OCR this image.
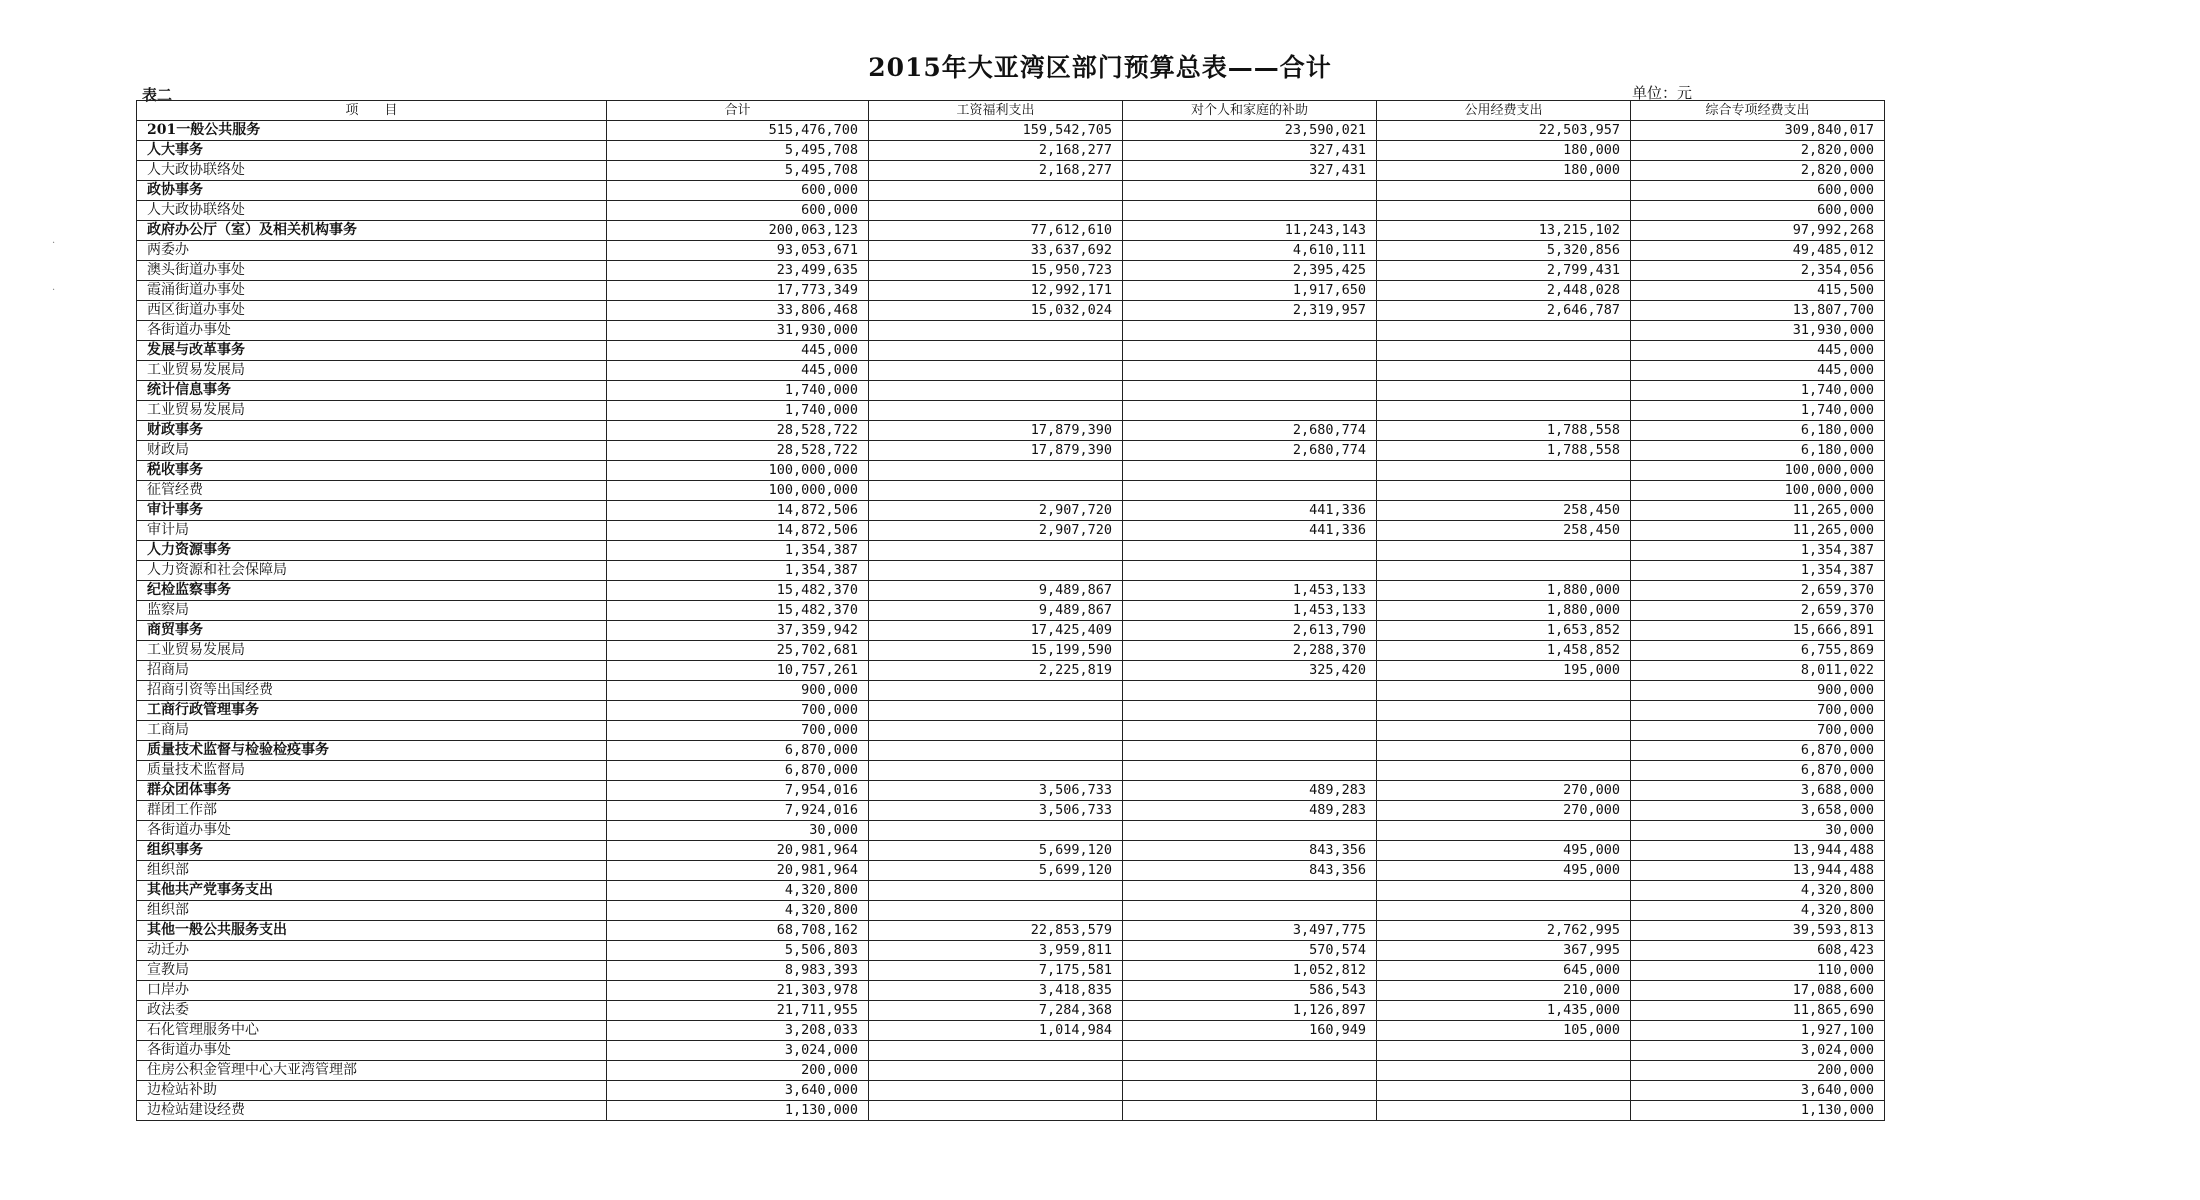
2015年大亚湾区部门预算总表——合计
表二	单位：元
·
·
项　　目	合计	工资福利支出	对个人和家庭的补助	公用经费支出	综合专项经费支出
201一般公共服务	515,476,700	159,542,705	23,590,021	22,503,957	309,840,017
人大事务	5,495,708	2,168,277	327,431	180,000	2,820,000
人大政协联络处	5,495,708	2,168,277	327,431	180,000	2,820,000
政协事务	600,000				600,000
人大政协联络处	600,000				600,000
政府办公厅（室）及相关机构事务	200,063,123	77,612,610	11,243,143	13,215,102	97,992,268
两委办	93,053,671	33,637,692	4,610,111	5,320,856	49,485,012
澳头街道办事处	23,499,635	15,950,723	2,395,425	2,799,431	2,354,056
霞涌街道办事处	17,773,349	12,992,171	1,917,650	2,448,028	415,500
西区街道办事处	33,806,468	15,032,024	2,319,957	2,646,787	13,807,700
各街道办事处	31,930,000				31,930,000
发展与改革事务	445,000				445,000
工业贸易发展局	445,000				445,000
统计信息事务	1,740,000				1,740,000
工业贸易发展局	1,740,000				1,740,000
财政事务	28,528,722	17,879,390	2,680,774	1,788,558	6,180,000
财政局	28,528,722	17,879,390	2,680,774	1,788,558	6,180,000
税收事务	100,000,000				100,000,000
征管经费	100,000,000				100,000,000
审计事务	14,872,506	2,907,720	441,336	258,450	11,265,000
审计局	14,872,506	2,907,720	441,336	258,450	11,265,000
人力资源事务	1,354,387				1,354,387
人力资源和社会保障局	1,354,387				1,354,387
纪检监察事务	15,482,370	9,489,867	1,453,133	1,880,000	2,659,370
监察局	15,482,370	9,489,867	1,453,133	1,880,000	2,659,370
商贸事务	37,359,942	17,425,409	2,613,790	1,653,852	15,666,891
工业贸易发展局	25,702,681	15,199,590	2,288,370	1,458,852	6,755,869
招商局	10,757,261	2,225,819	325,420	195,000	8,011,022
招商引资等出国经费	900,000				900,000
工商行政管理事务	700,000				700,000
工商局	700,000				700,000
质量技术监督与检验检疫事务	6,870,000				6,870,000
质量技术监督局	6,870,000				6,870,000
群众团体事务	7,954,016	3,506,733	489,283	270,000	3,688,000
群团工作部	7,924,016	3,506,733	489,283	270,000	3,658,000
各街道办事处	30,000				30,000
组织事务	20,981,964	5,699,120	843,356	495,000	13,944,488
组织部	20,981,964	5,699,120	843,356	495,000	13,944,488
其他共产党事务支出	4,320,800				4,320,800
组织部	4,320,800				4,320,800
其他一般公共服务支出	68,708,162	22,853,579	3,497,775	2,762,995	39,593,813
动迁办	5,506,803	3,959,811	570,574	367,995	608,423
宣教局	8,983,393	7,175,581	1,052,812	645,000	110,000
口岸办	21,303,978	3,418,835	586,543	210,000	17,088,600
政法委	21,711,955	7,284,368	1,126,897	1,435,000	11,865,690
石化管理服务中心	3,208,033	1,014,984	160,949	105,000	1,927,100
各街道办事处	3,024,000				3,024,000
住房公积金管理中心大亚湾管理部	200,000				200,000
边检站补助	3,640,000				3,640,000
边检站建设经费	1,130,000				1,130,000
